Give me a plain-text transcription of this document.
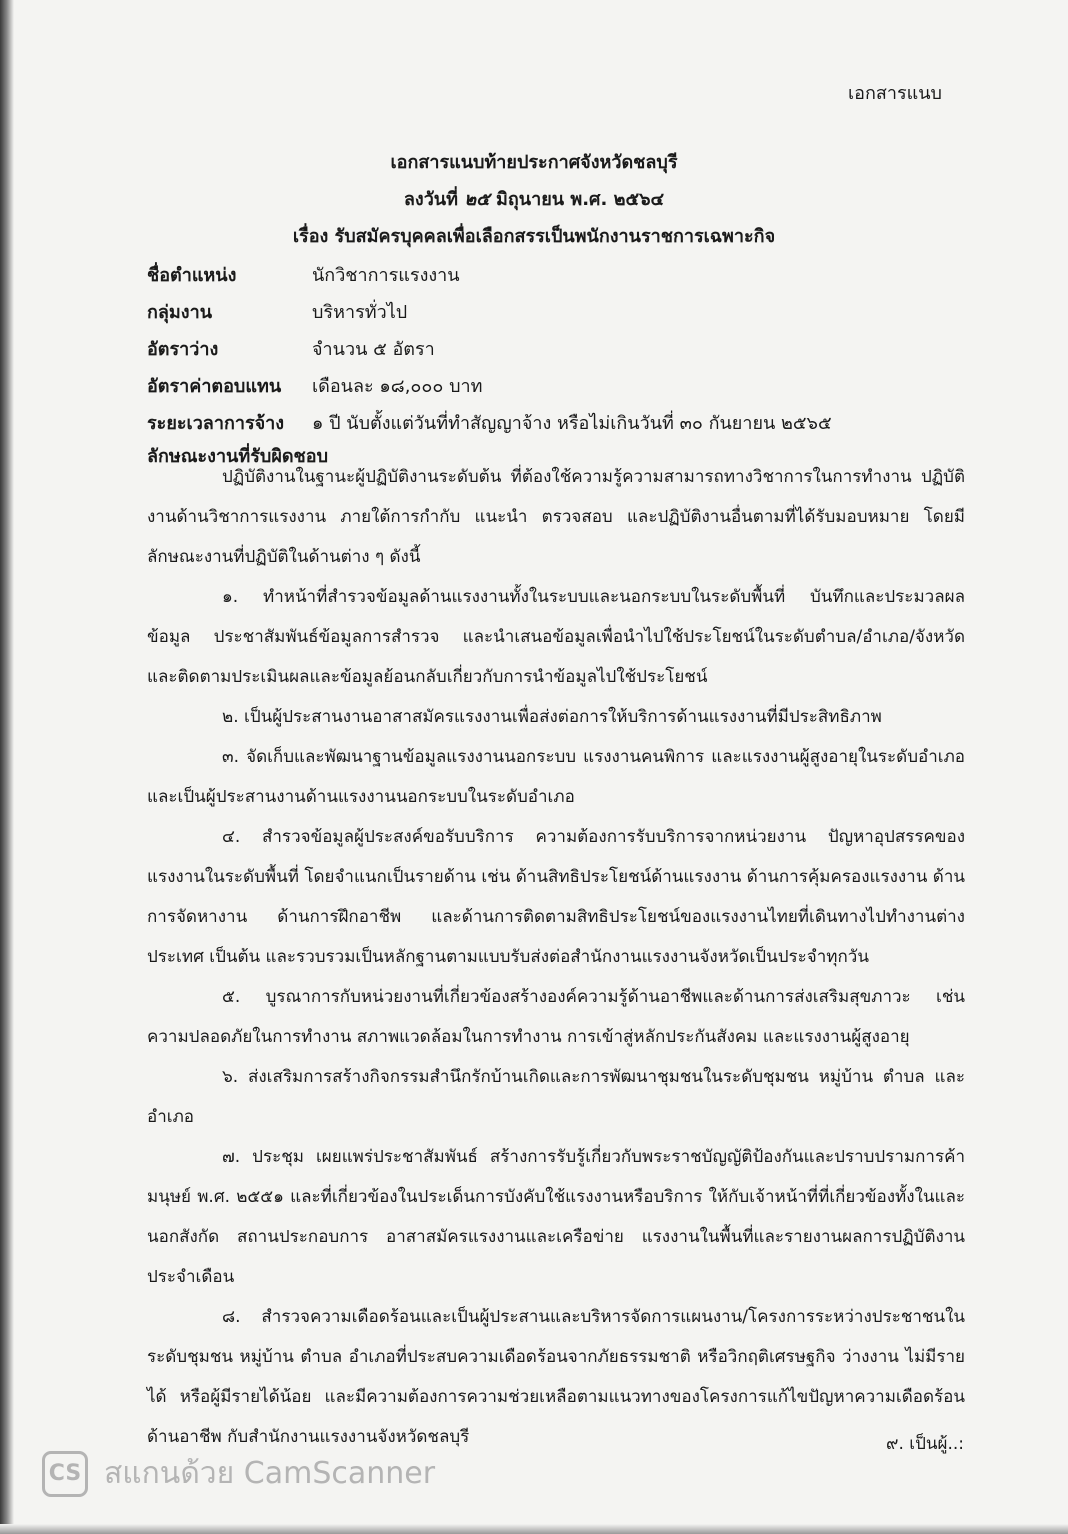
เอกสารแนบ
เอกสารแนบท้ายประกาศจังหวัดชลบุรี
ลงวันที่ ๒๕ มิถุนายน พ.ศ. ๒๕๖๔
เรื่อง รับสมัครบุคคลเพื่อเลือกสรรเป็นพนักงานราชการเฉพาะกิจ
ชื่อตำแหน่ง	นักวิชาการแรงงาน
กลุ่มงาน	บริหารทั่วไป
อัตราว่าง	จำนวน ๕ อัตรา
อัตราค่าตอบแทน	เดือนละ ๑๘,๐๐๐ บาท
ระยะเวลาการจ้าง	๑ ปี นับตั้งแต่วันที่ทำสัญญาจ้าง หรือไม่เกินวันที่ ๓๐ กันยายน ๒๕๖๕
ลักษณะงานที่รับผิดชอบ

ปฏิบัติงานในฐานะผู้ปฏิบัติงานระดับต้น ที่ต้องใช้ความรู้ความสามารถทางวิชาการในการทำงาน ปฏิบัติงานด้านวิชาการแรงงาน ภายใต้การกำกับ แนะนำ ตรวจสอบ และปฏิบัติงานอื่นตามที่ได้รับมอบหมาย โดยมีลักษณะงานที่ปฏิบัติในด้านต่าง ๆ ดังนี้

๑. ทำหน้าที่สำรวจข้อมูลด้านแรงงานทั้งในระบบและนอกระบบในระดับพื้นที่ บันทึกและประมวลผลข้อมูล ประชาสัมพันธ์ข้อมูลการสำรวจ และนำเสนอข้อมูลเพื่อนำไปใช้ประโยชน์ในระดับตำบล/อำเภอ/จังหวัด และติดตามประเมินผลและข้อมูลย้อนกลับเกี่ยวกับการนำข้อมูลไปใช้ประโยชน์

๒. เป็นผู้ประสานงานอาสาสมัครแรงงานเพื่อส่งต่อการให้บริการด้านแรงงานที่มีประสิทธิภาพ

๓. จัดเก็บและพัฒนาฐานข้อมูลแรงงานนอกระบบ แรงงานคนพิการ และแรงงานผู้สูงอายุในระดับอำเภอ และเป็นผู้ประสานงานด้านแรงงานนอกระบบในระดับอำเภอ

๔. สำรวจข้อมูลผู้ประสงค์ขอรับบริการ ความต้องการรับบริการจากหน่วยงาน ปัญหาอุปสรรคของแรงงานในระดับพื้นที่ โดยจำแนกเป็นรายด้าน เช่น ด้านสิทธิประโยชน์ด้านแรงงาน ด้านการคุ้มครองแรงงาน ด้านการจัดหางาน ด้านการฝึกอาชีพ และด้านการติดตามสิทธิประโยชน์ของแรงงานไทยที่เดินทางไปทำงานต่างประเทศ เป็นต้น และรวบรวมเป็นหลักฐานตามแบบรับส่งต่อสำนักงานแรงงานจังหวัดเป็นประจำทุกวัน

๕. บูรณาการกับหน่วยงานที่เกี่ยวข้องสร้างองค์ความรู้ด้านอาชีพและด้านการส่งเสริมสุขภาวะ เช่น ความปลอดภัยในการทำงาน สภาพแวดล้อมในการทำงาน การเข้าสู่หลักประกันสังคม และแรงงานผู้สูงอายุ

๖. ส่งเสริมการสร้างกิจกรรมสำนึกรักบ้านเกิดและการพัฒนาชุมชนในระดับชุมชน หมู่บ้าน ตำบล และอำเภอ

๗. ประชุม เผยแพร่ประชาสัมพันธ์ สร้างการรับรู้เกี่ยวกับพระราชบัญญัติป้องกันและปราบปรามการค้ามนุษย์ พ.ศ. ๒๕๕๑ และที่เกี่ยวข้องในประเด็นการบังคับใช้แรงงานหรือบริการ ให้กับเจ้าหน้าที่ที่เกี่ยวข้องทั้งในและนอกสังกัด สถานประกอบการ อาสาสมัครแรงงานและเครือข่าย แรงงานในพื้นที่และรายงานผลการปฏิบัติงานประจำเดือน

๘. สำรวจความเดือดร้อนและเป็นผู้ประสานและบริหารจัดการแผนงาน/โครงการระหว่างประชาชนในระดับชุมชน หมู่บ้าน ตำบล อำเภอที่ประสบความเดือดร้อนจากภัยธรรมชาติ หรือวิกฤติเศรษฐกิจ ว่างงาน ไม่มีรายได้ หรือผู้มีรายได้น้อย และมีความต้องการความช่วยเหลือตามแนวทางของโครงการแก้ไขปัญหาความเดือดร้อนด้านอาชีพ กับสำนักงานแรงงานจังหวัดชลบุรี	๙. เป็นผู้..:
CS สแกนด้วย CamScanner
